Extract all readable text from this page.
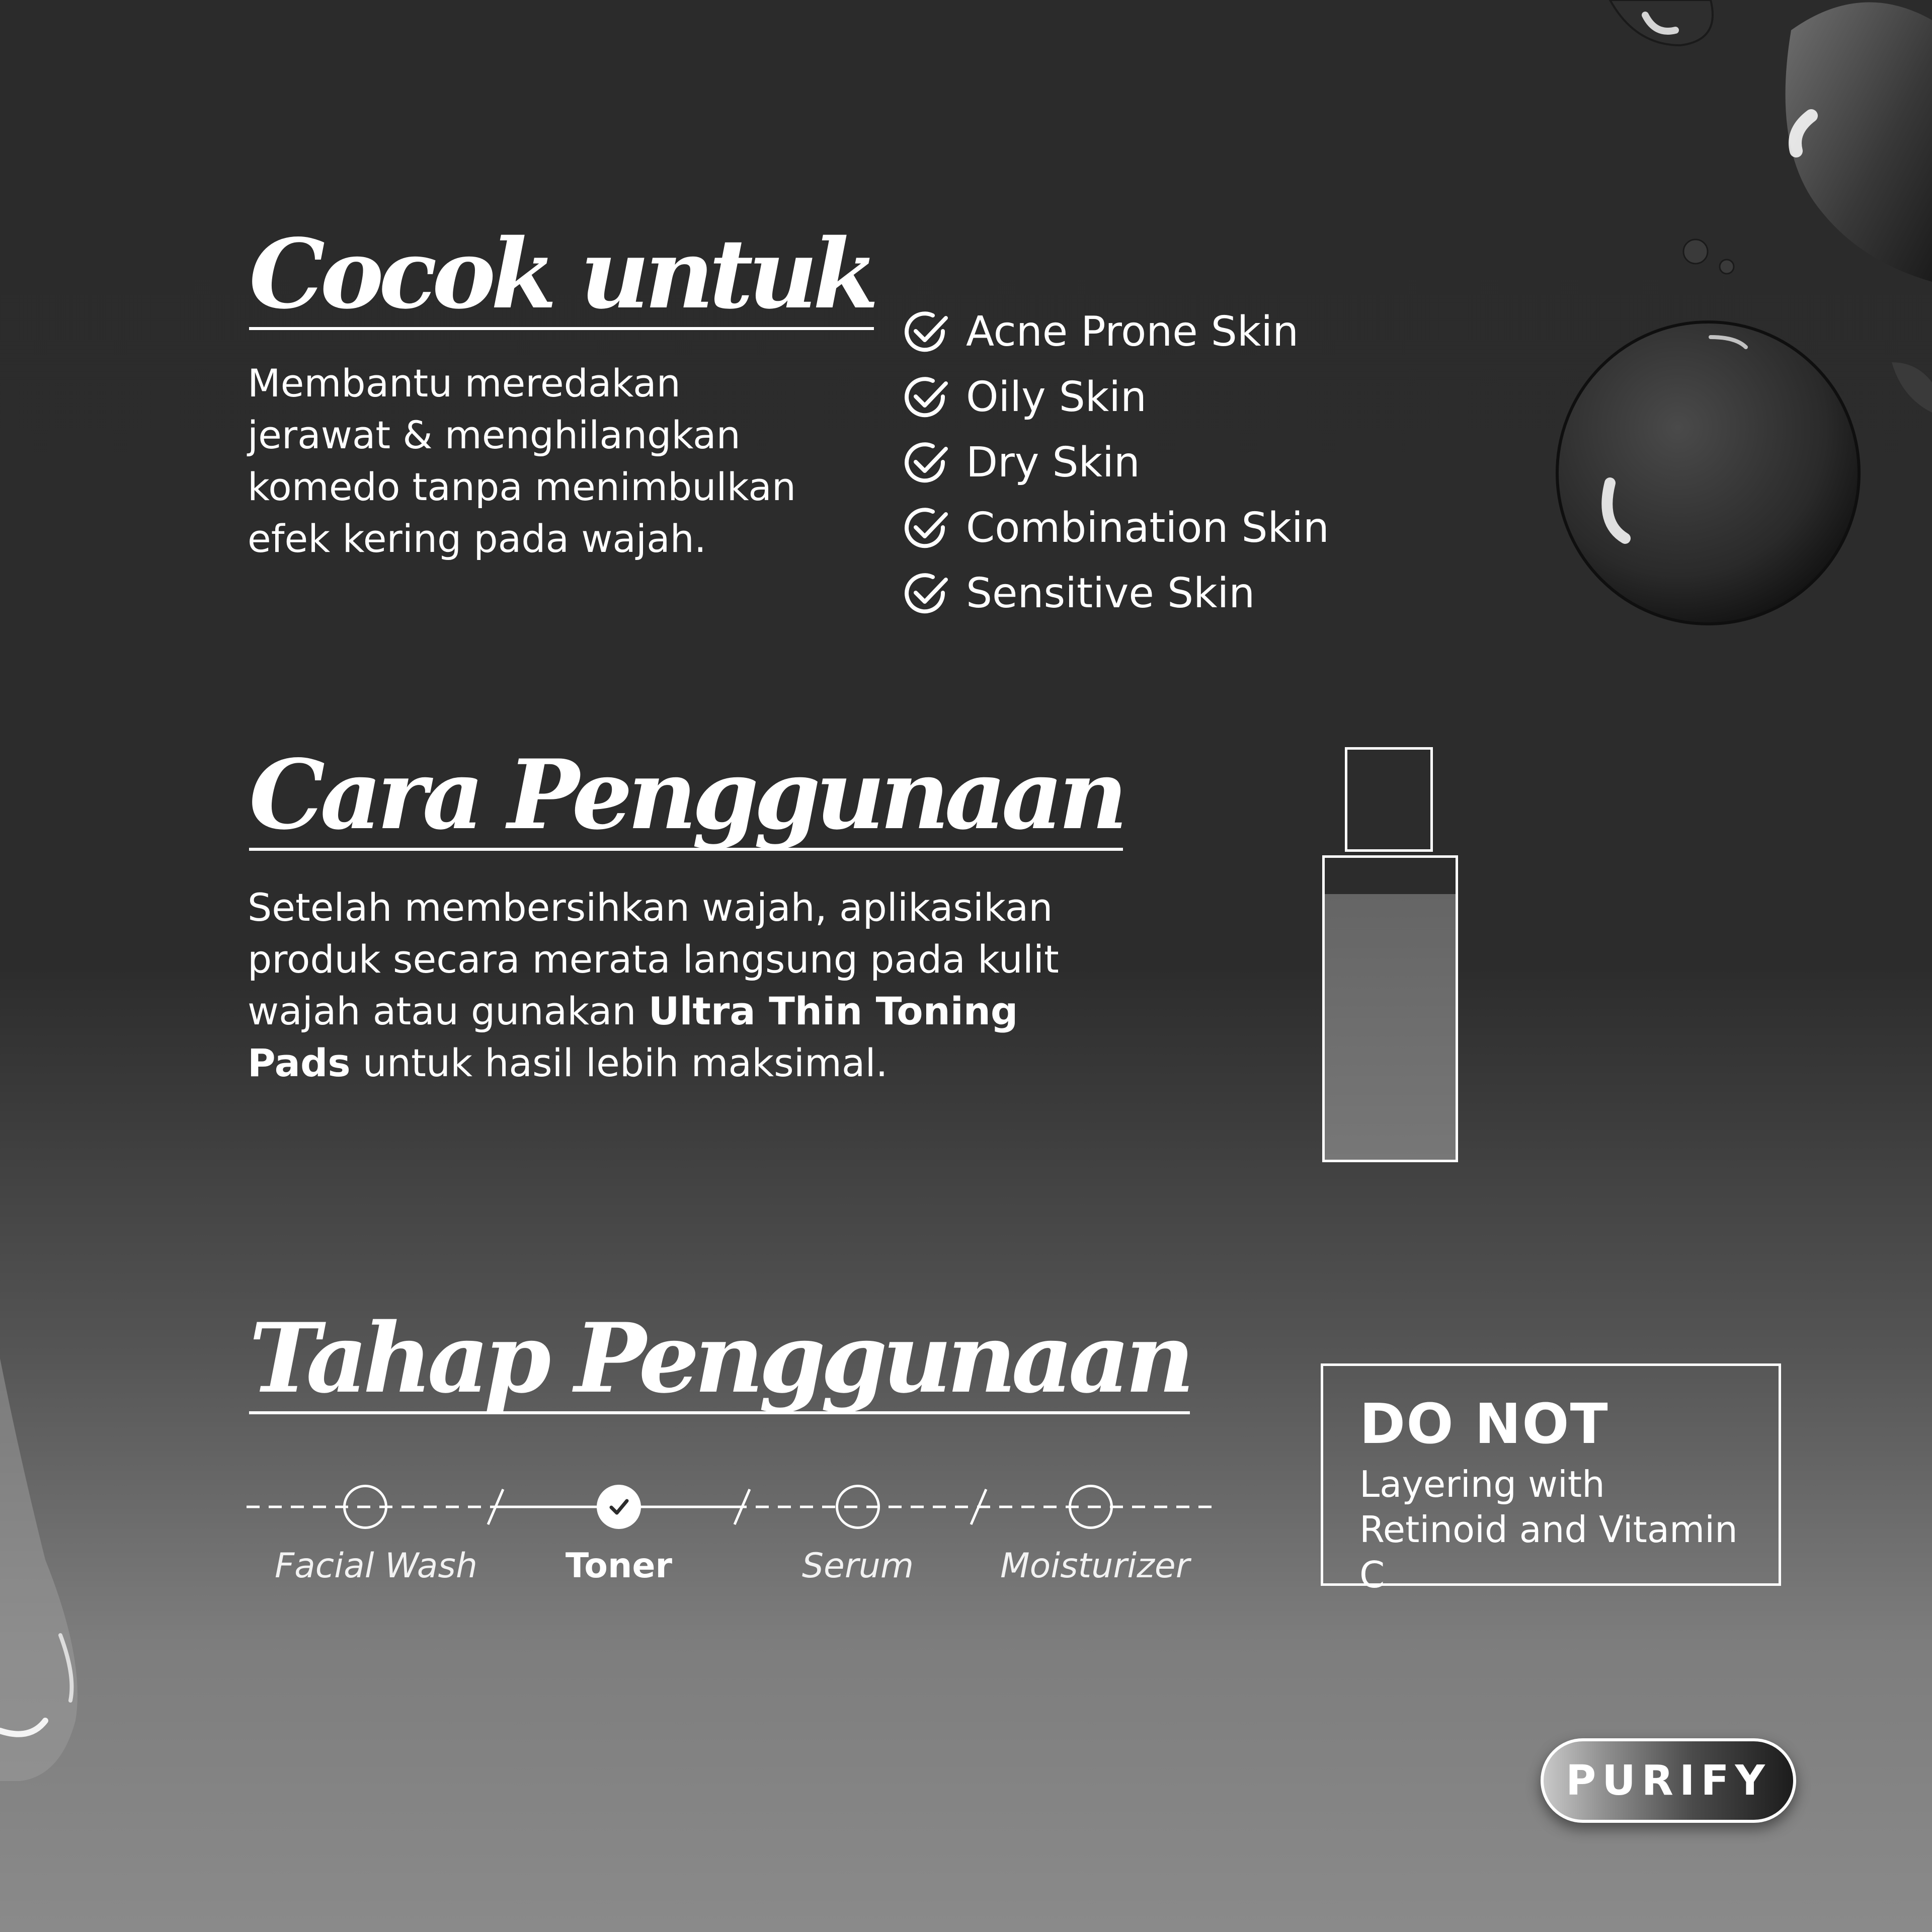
Cocok untuk

Membantu meredakan jerawat & menghilangkan komedo tanpa menimbulkan efek kering pada wajah.

Acne Prone Skin
Oily Skin
Dry Skin
Combination Skin
Sensitive Skin
Cara Penggunaan

Setelah membersihkan wajah, aplikasikan produk secara merata langsung pada kulit wajah atau gunakan Ultra Thin Toning Pads untuk hasil lebih maksimal.

Tahap Penggunaan
Facial Wash	Toner	Serum	Moisturizer

DO NOT

Layering with Retinoid and Vitamin C

PURIFY
